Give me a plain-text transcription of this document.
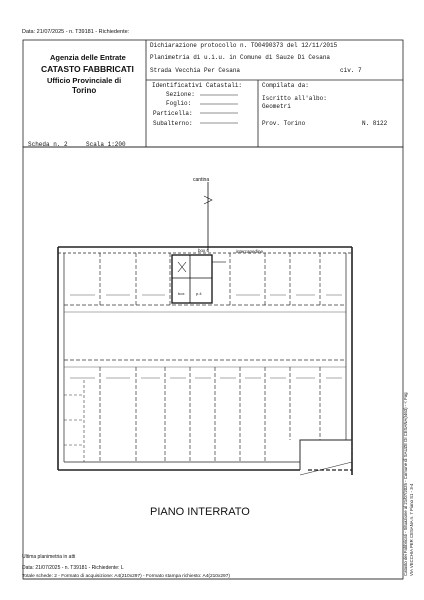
Data: 21/07/2025 - n. T39181 - Richiedente:
Agenzia delle Entrate
CATASTO FABBRICATI
Ufficio Provinciale di
Torino
Dichiarazione protocollo n. TO0490373 del 12/11/2015
Planimetria di u.i.u. in Comune di Sauze Di Cesana
Strada Vecchia Per Cesana	civ. 7
Identificativi Catastali:	Compilata da:
Sezione:
Foglio:
Particella:
Subalterno:
Iscritto all'albo:
Geometri
Prov. Torino	N. 8122
Scheda n. 2	Scala 1:200
cantina
box 6	intercapedine
box	p.4
PIANO INTERRATO	Catasto dei Fabbricati - Situazione al 21/07/2025 - Comune di SAUZE DI CESANA(I463) - < Fog VIA VECCHIA PER CESANA n. 7 Piano S1 - 3-4
Ultima planimetria in atti
Data: 21/07/2025 - n. T39181 - Richiedente: L
Totale schede: 2 - Formato di acquisizione: A4(210x297) - Formato stampa richiesto: A4(210x297)
